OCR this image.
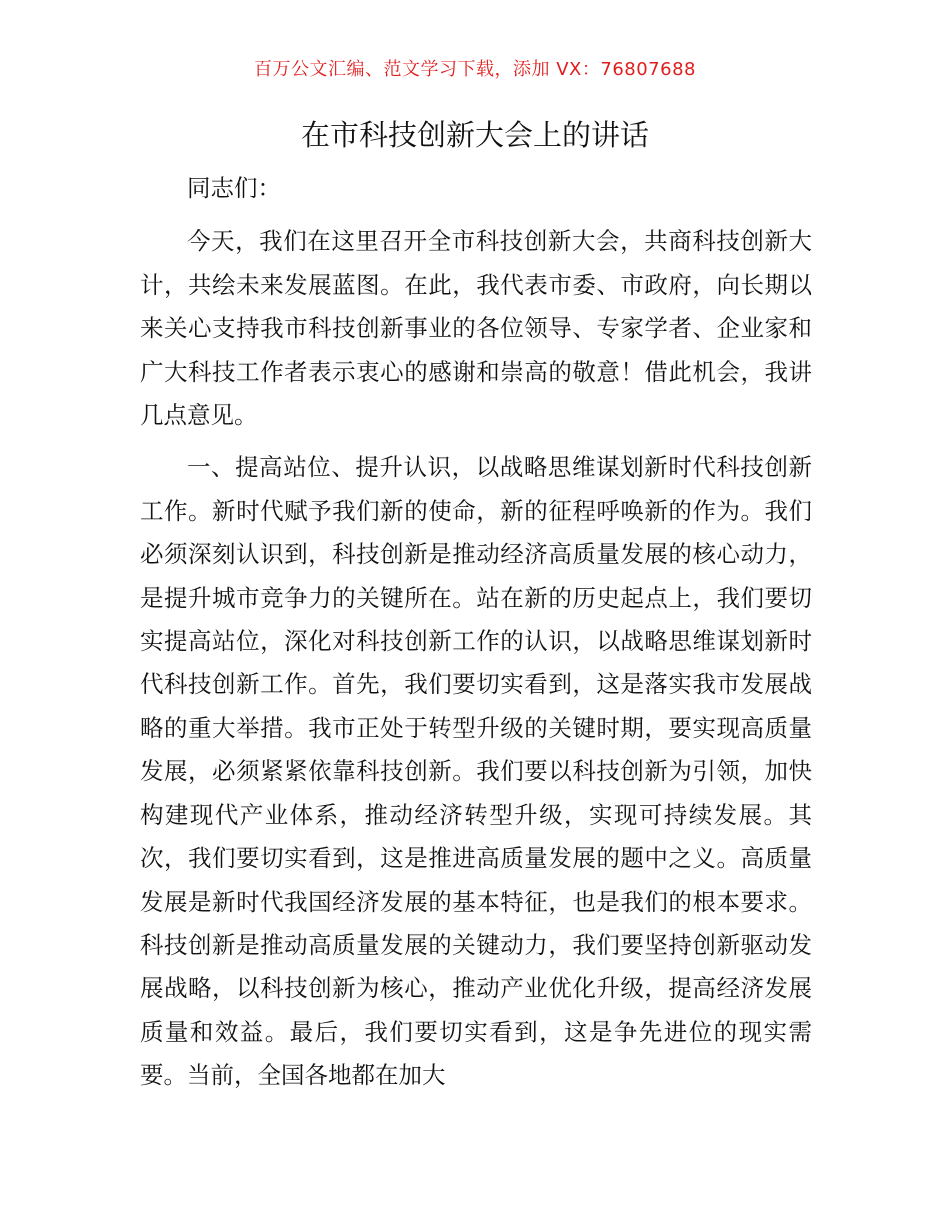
百万公文汇编、范文学习下载，添加 VX：76807688
在市科技创新大会上的讲话

同志们：

今天，我们在这里召开全市科技创新大会，共商科技创新大计，共绘未来发展蓝图。在此，我代表市委、市政府，向长期以来关心支持我市科技创新事业的各位领导、专家学者、企业家和广大科技工作者表示衷心的感谢和崇高的敬意！借此机会，我讲几点意见。

一、提高站位、提升认识，以战略思维谋划新时代科技创新工作。新时代赋予我们新的使命，新的征程呼唤新的作为。我们必须深刻认识到，科技创新是推动经济高质量发展的核心动力，是提升城市竞争力的关键所在。站在新的历史起点上，我们要切实提高站位，深化对科技创新工作的认识，以战略思维谋划新时代科技创新工作。首先，我们要切实看到，这是落实我市发展战略的重大举措。我市正处于转型升级的关键时期，要实现高质量发展，必须紧紧依靠科技创新。我们要以科技创新为引领，加快构建现代产业体系，推动经济转型升级，实现可持续发展。其次，我们要切实看到，这是推进高质量发展的题中之义。高质量发展是新时代我国经济发展的基本特征，也是我们的根本要求。科技创新是推动高质量发展的关键动力，我们要坚持创新驱动发展战略，以科技创新为核心，推动产业优化升级，提高经济发展质量和效益。最后，我们要切实看到，这是争先进位的现实需要。当前，全国各地都在加大
